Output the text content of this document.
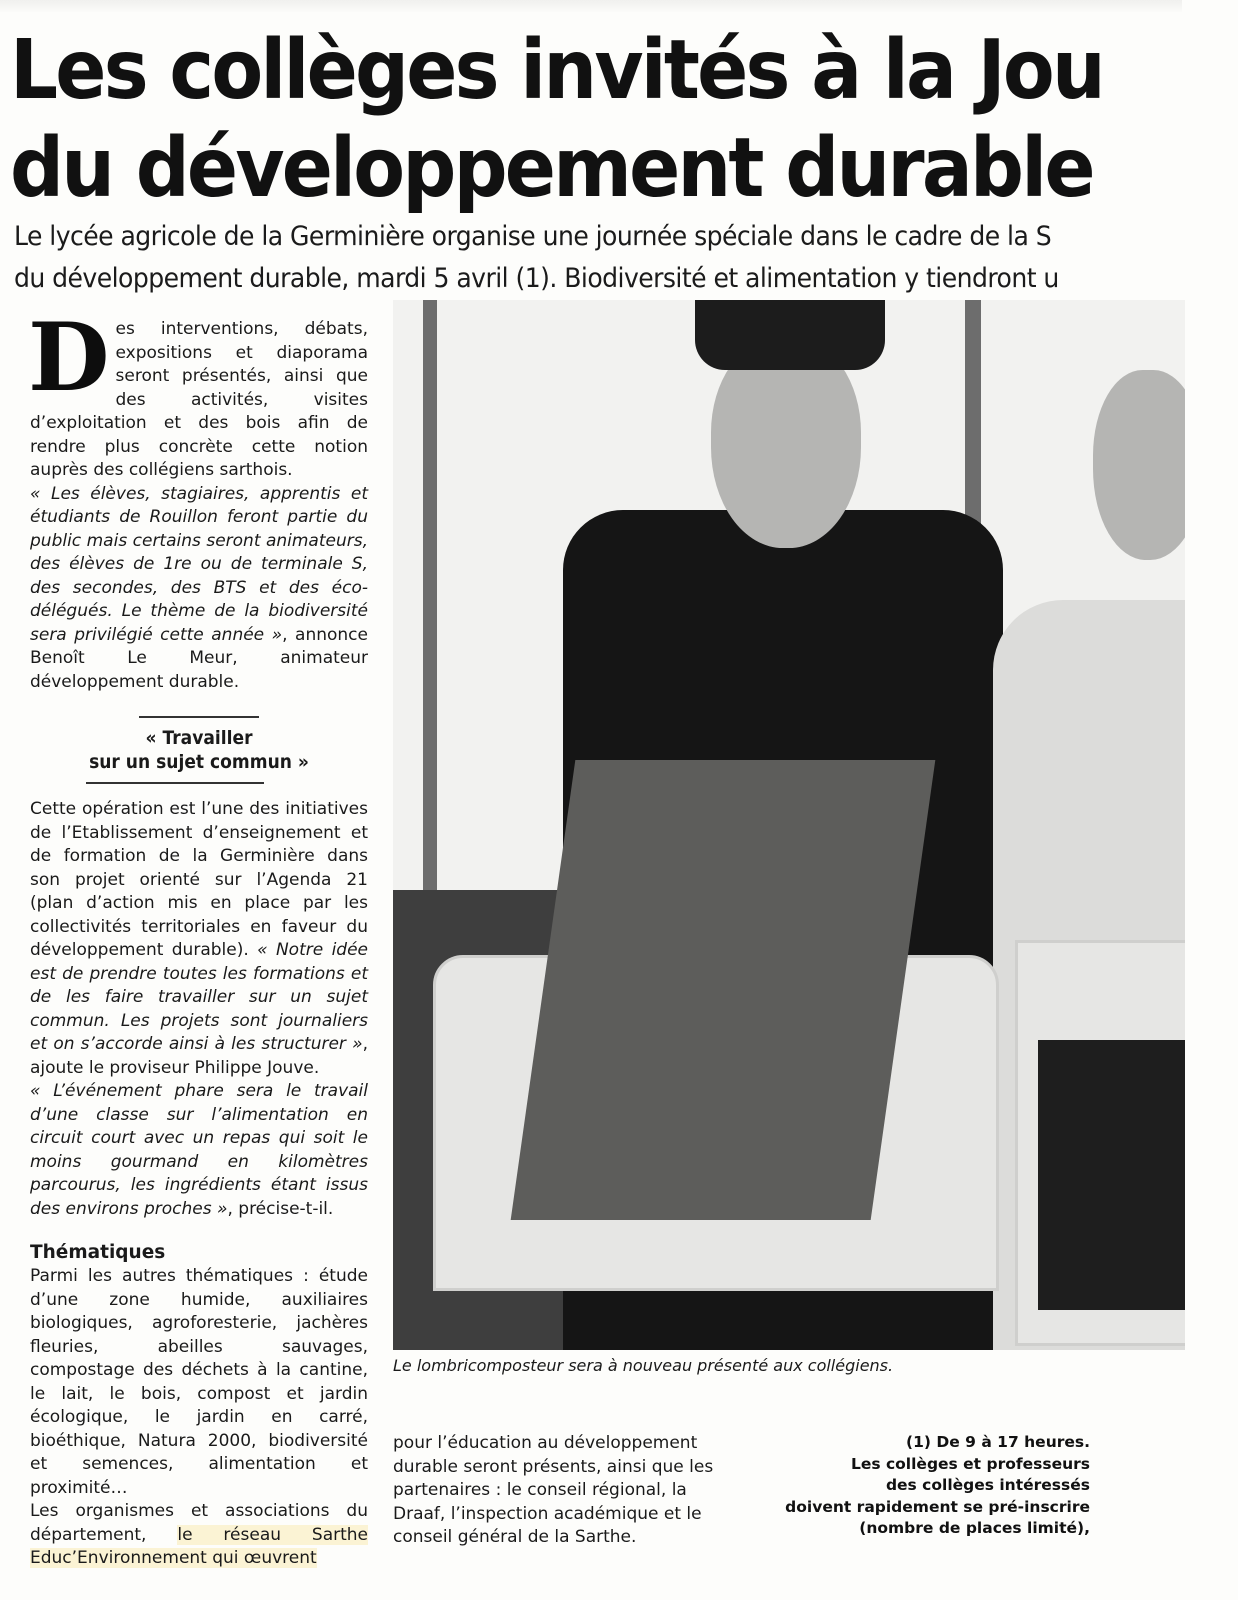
Les collèges invités à la Jou
du développement durable
Le lycée agricole de la Germinière organise une journée spéciale dans le cadre de la S
du développement durable, mardi 5 avril (1). Biodiversité et alimentation y tiendront u

Des interventions, débats, expositions et diaporama seront présentés, ainsi que des activités, visites d’exploitation et des bois afin de rendre plus concrète cette notion auprès des collégiens sarthois.

« Les élèves, stagiaires, apprentis et étudiants de Rouillon feront partie du public mais certains seront animateurs, des élèves de 1re ou de terminale S, des secondes, des BTS et des éco-délégués. Le thème de la biodiversité sera privilégié cette année », annonce Benoît Le Meur, animateur développement durable.

« Travailler
sur un sujet commun »

Cette opération est l’une des initiatives de l’Etablissement d’enseignement et de formation de la Germinière dans son projet orienté sur l’Agenda 21 (plan d’action mis en place par les collectivités territoriales en faveur du développement durable). « Notre idée est de prendre toutes les formations et de les faire travailler sur un sujet commun. Les projets sont journaliers et on s’accorde ainsi à les structurer », ajoute le proviseur Philippe Jouve.

« L’événement phare sera le travail d’une classe sur l’alimentation en circuit court avec un repas qui soit le moins gourmand en kilomètres parcourus, les ingrédients étant issus des environs proches », précise-t-il.

Thématiques

Parmi les autres thématiques : étude d’une zone humide, auxiliaires biologiques, agroforesterie, jachères fleuries, abeilles sauvages, compostage des déchets à la cantine, le lait, le bois, compost et jardin écologique, le jardin en carré, bioéthique, Natura 2000, biodiversité et semences, alimentation et proximité…

Les organismes et associations du département, le réseau Sarthe Educ’Environnement qui œuvrent

Le lombricomposteur sera à nouveau présenté aux collégiens.
pour l’éducation au développement durable seront présents, ainsi que les partenaires : le conseil régional, la Draaf, l’inspection académique et le conseil général de la Sarthe.
(1) De 9 à 17 heures.
Les collèges et professeurs
des collèges intéressés
doivent rapidement se pré-inscrire
(nombre de places limité),
